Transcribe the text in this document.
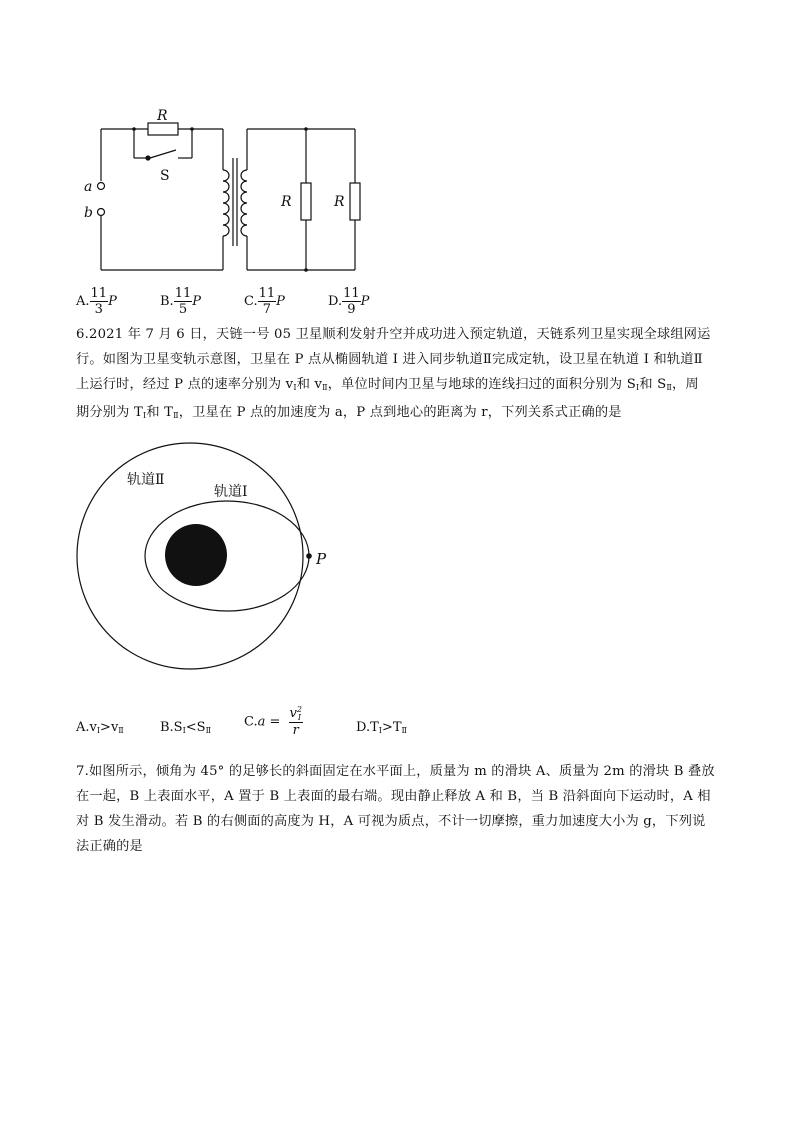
R
S
a
b
R	R
A. $\frac{11}{3}$ P	B. $\frac{11}{5}$ P	C. $\frac{11}{7}$ P	D. $\frac{11}{9}$ P
6.2021 年 7 月 6 日，天链一号 05 卫星顺利发射升空并成功进入预定轨道，天链系列卫星实现全球组网运
行。如图为卫星变轨示意图，卫星在 P 点从椭圆轨道 I 进入同步轨道Ⅱ完成定轨，设卫星在轨道 I 和轨道Ⅱ
上运行时，经过 P 点的速率分别为 $v_I$和 $v_Ⅱ$，单位时间内卫星与地球的连线扫过的面积分别为 $S_I$和 $S_Ⅱ$，周
期分别为 $T_I$和 $T_Ⅱ$，卫星在 P 点的加速度为 a，P 点到地心的距离为 r，下列关系式正确的是
轨道Ⅱ
轨道Ⅰ
P
$A.v_I>v_Ⅱ$	$B.S_I<S_Ⅱ$
C.a = v 2
I
r	$D.T_I>T_Ⅱ$
7.如图所示，倾角为 45° 的足够长的斜面固定在水平面上，质量为 m 的滑块 A、质量为 2m 的滑块 B 叠放
在一起，B 上表面水平，A 置于 B 上表面的最右端。现由静止释放 A 和 B，当 B 沿斜面向下运动时，A 相
对 B 发生滑动。若 B 的右侧面的高度为 H，A 可视为质点，不计一切摩擦，重力加速度大小为 g，下列说
法正确的是
